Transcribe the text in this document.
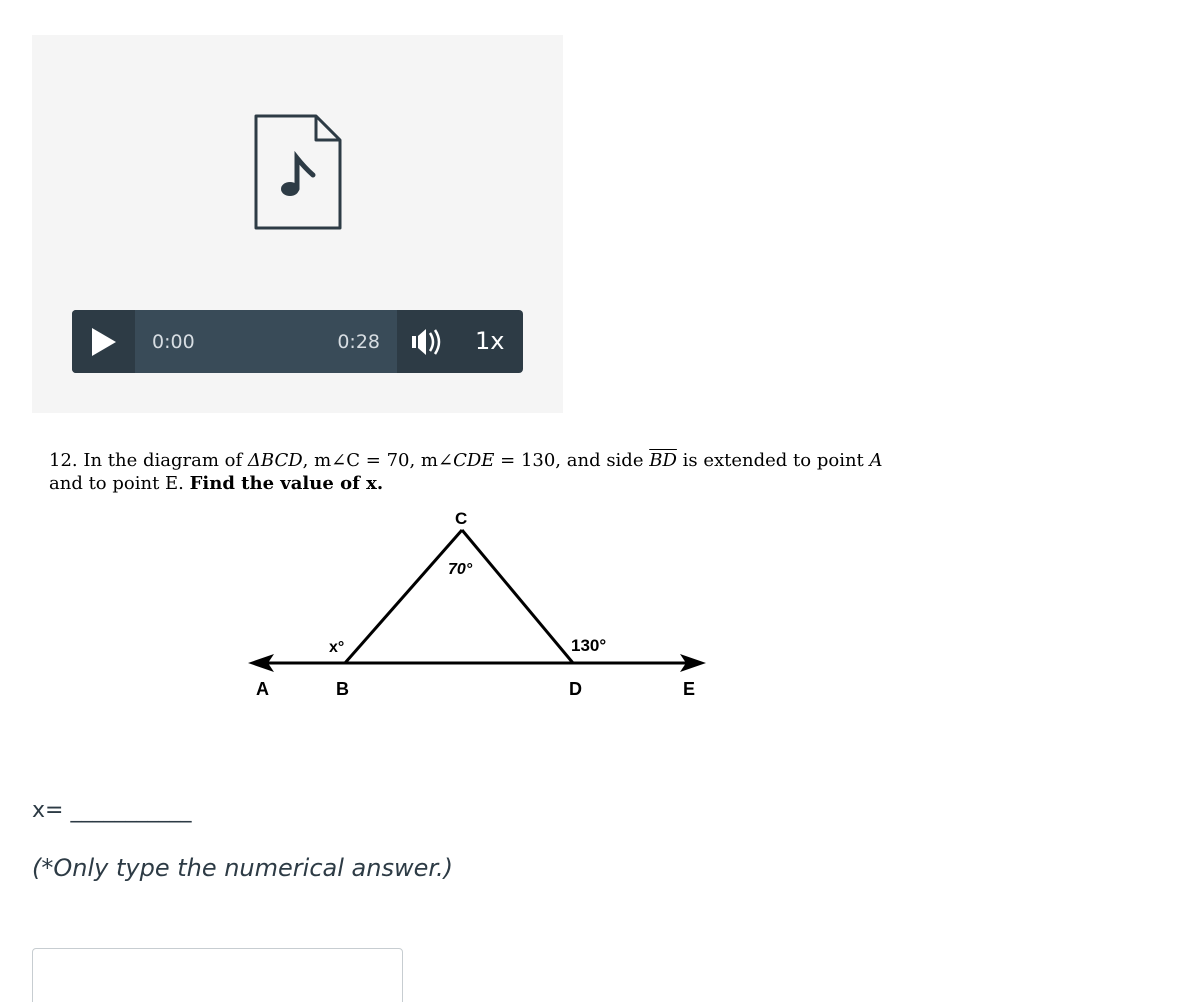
0:00	0:28	1x
12. In the diagram of ΔBCD, m∠C = 70, m∠CDE = 130, and side $\overline{BD}$ is extended to point A
and to point E. Find the value of x.
C
70°
x°	130°
A	B	D	E
x= ___________
(*Only type the numerical answer.)
